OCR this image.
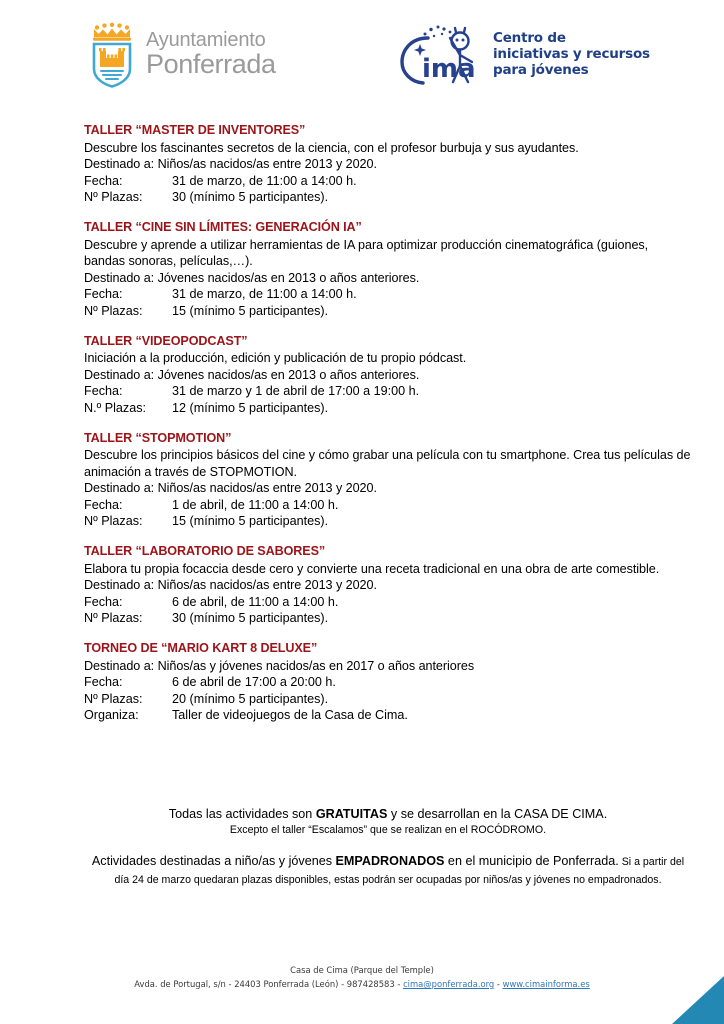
Ayuntamiento
Ponferrada	ima
Centro de
iniciativas y recursos
para jóvenes
TALLER “MASTER DE INVENTORES”
Descubre los fascinantes secretos de la ciencia, con el profesor burbuja y sus ayudantes.
Destinado a: Niños/as nacidos/as entre 2013 y 2020.
Fecha:	31 de marzo, de 11:00 a 14:00 h.
Nº Plazas:	30 (mínimo 5 participantes).
TALLER “CINE SIN LÍMITES: GENERACIÓN IA”
Descubre y aprende a utilizar herramientas de IA para optimizar producción cinematográfica (guiones, bandas sonoras, películas,…).
Destinado a: Jóvenes nacidos/as en 2013 o años anteriores.
Fecha:	31 de marzo, de 11:00 a 14:00 h.
Nº Plazas:	15 (mínimo 5 participantes).
TALLER “VIDEOPODCAST”
Iniciación a la producción, edición y publicación de tu propio pódcast.
Destinado a: Jóvenes nacidos/as en 2013 o años anteriores.
Fecha:	31 de marzo y 1 de abril de 17:00 a 19:00 h.
N.º Plazas:	12 (mínimo 5 participantes).
TALLER “STOPMOTION”
Descubre los principios básicos del cine y cómo grabar una película con tu smartphone. Crea tus películas de animación a través de STOPMOTION.
Destinado a: Niños/as nacidos/as entre 2013 y 2020.
Fecha:	1 de abril, de 11:00 a 14:00 h.
Nº Plazas:	15 (mínimo 5 participantes).
TALLER “LABORATORIO DE SABORES”
Elabora tu propia focaccia desde cero y convierte una receta tradicional en una obra de arte comestible.
Destinado a: Niños/as nacidos/as entre 2013 y 2020.
Fecha:	6 de abril, de 11:00 a 14:00 h.
Nº Plazas:	30 (mínimo 5 participantes).
TORNEO DE “MARIO KART 8 DELUXE”
Destinado a: Niños/as y jóvenes nacidos/as en 2017 o años anteriores
Fecha:	6 de abril de 17:00 a 20:00 h.
Nº Plazas:	20 (mínimo 5 participantes).
Organiza:	Taller de videojuegos de la Casa de Cima.
Todas las actividades son GRATUITAS y se desarrollan en la CASA DE CIMA.
Excepto el taller “Escalamos” que se realizan en el ROCÓDROMO.
Actividades destinadas a niño/as y jóvenes EMPADRONADOS en el municipio de Ponferrada. Si a partir del día 24 de marzo quedaran plazas disponibles, estas podrán ser ocupadas por niños/as y jóvenes no empadronados.
Casa de Cima (Parque del Temple)
Avda. de Portugal, s/n - 24403 Ponferrada (León) - 987428583 - cima@ponferrada.org - www.cimainforma.es
